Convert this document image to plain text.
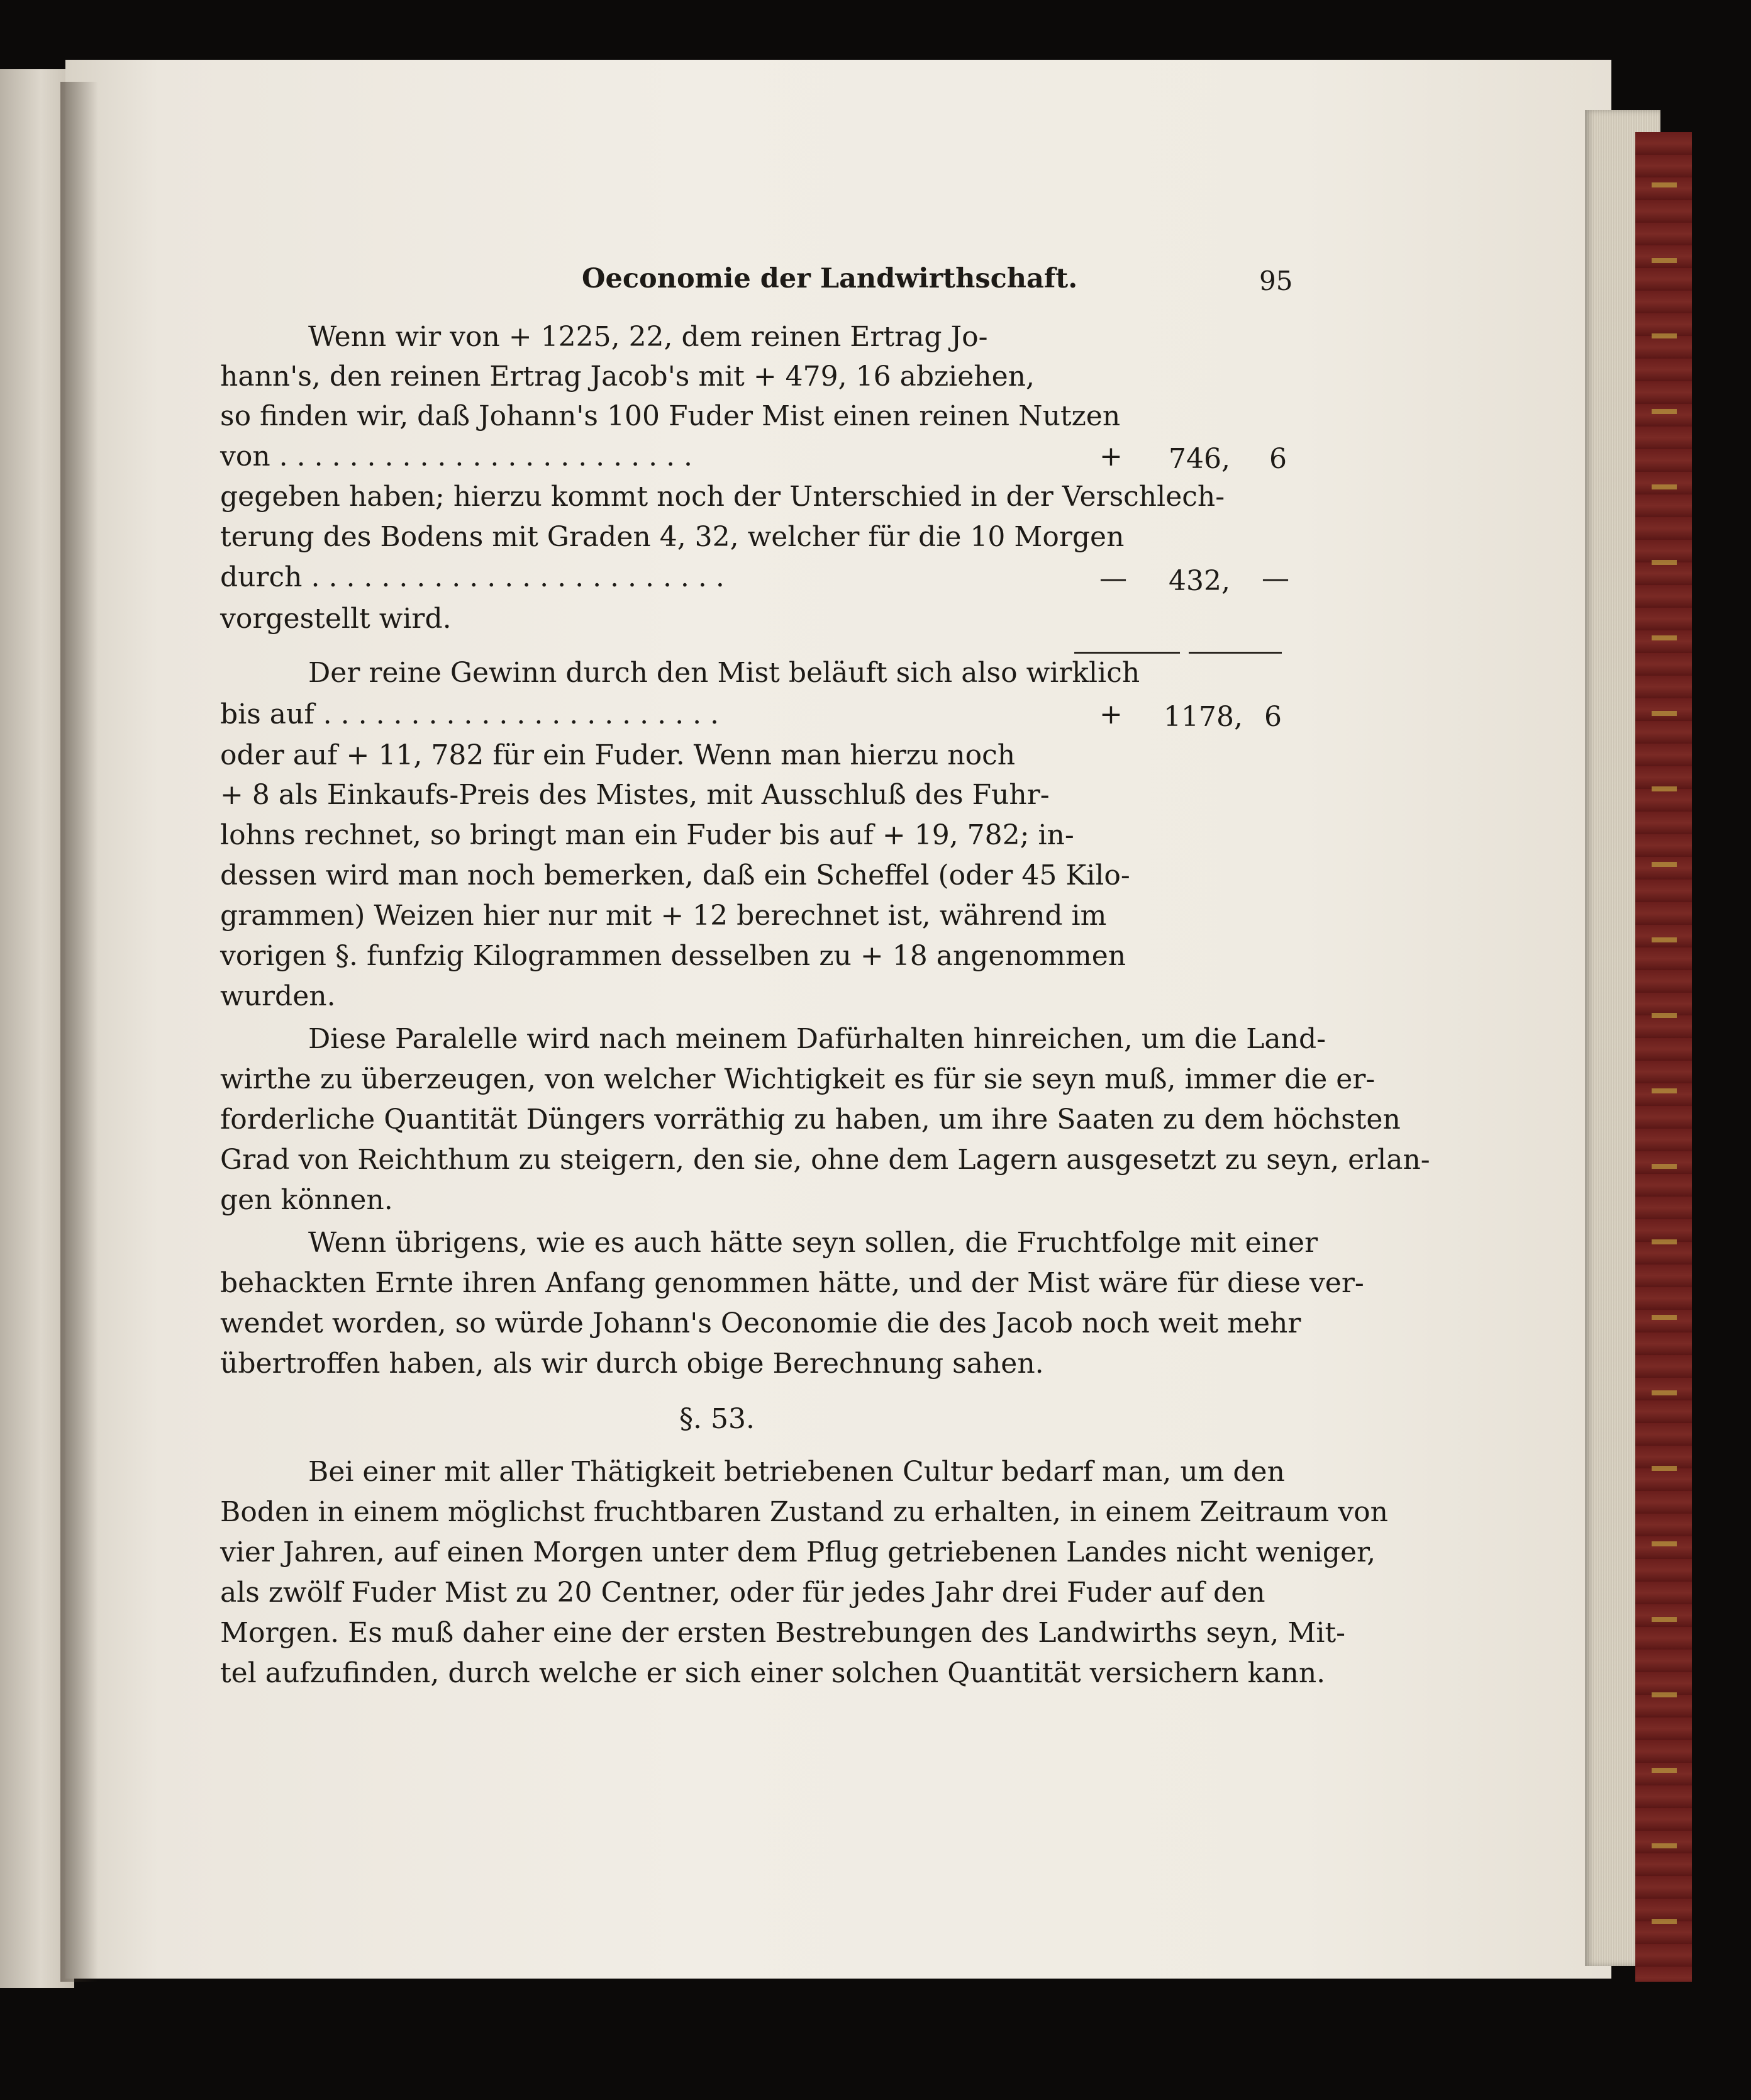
Oeconomie der Landwirthschaft.	95
Wenn wir von + 1225, 22, dem reinen Ertrag Jo-
hann's, den reinen Ertrag Jacob's mit + 479, 16 abziehen,
so finden wir, daß Johann's 100 Fuder Mist einen reinen Nutzen
von . . . . . . . . . . . . . . . . . . . . . . . .
gegeben haben; hierzu kommt noch der Unterschied in der Verschlech-
terung des Bodens mit Graden 4, 32, welcher für die 10 Morgen
durch . . . . . . . . . . . . . . . . . . . . . . . .
vorgestellt wird.
Der reine Gewinn durch den Mist beläuft sich also wirklich
bis auf . . . . . . . . . . . . . . . . . . . . . . .
oder auf + 11, 782 für ein Fuder. Wenn man hierzu noch
+ 8 als Einkaufs-Preis des Mistes, mit Ausschluß des Fuhr-
lohns rechnet, so bringt man ein Fuder bis auf + 19, 782; in-
dessen wird man noch bemerken, daß ein Scheffel (oder 45 Kilo-
grammen) Weizen hier nur mit + 12 berechnet ist, während im
vorigen §. funfzig Kilogrammen desselben zu + 18 angenommen
wurden.
Diese Paralelle wird nach meinem Dafürhalten hinreichen, um die Land-
wirthe zu überzeugen, von welcher Wichtigkeit es für sie seyn muß, immer die er-
forderliche Quantität Düngers vorräthig zu haben, um ihre Saaten zu dem höchsten
Grad von Reichthum zu steigern, den sie, ohne dem Lagern ausgesetzt zu seyn, erlan-
gen können.
Wenn übrigens, wie es auch hätte seyn sollen, die Fruchtfolge mit einer
behackten Ernte ihren Anfang genommen hätte, und der Mist wäre für diese ver-
wendet worden, so würde Johann's Oeconomie die des Jacob noch weit mehr
übertroffen haben, als wir durch obige Berechnung sahen.
§. 53.
Bei einer mit aller Thätigkeit betriebenen Cultur bedarf man, um den
Boden in einem möglichst fruchtbaren Zustand zu erhalten, in einem Zeitraum von
vier Jahren, auf einen Morgen unter dem Pflug getriebenen Landes nicht weniger,
als zwölf Fuder Mist zu 20 Centner, oder für jedes Jahr drei Fuder auf den
Morgen. Es muß daher eine der ersten Bestrebungen des Landwirths seyn, Mit-
tel aufzufinden, durch welche er sich einer solchen Quantität versichern kann.
+ 746, 6
— 432, —
+ 1178, 6
